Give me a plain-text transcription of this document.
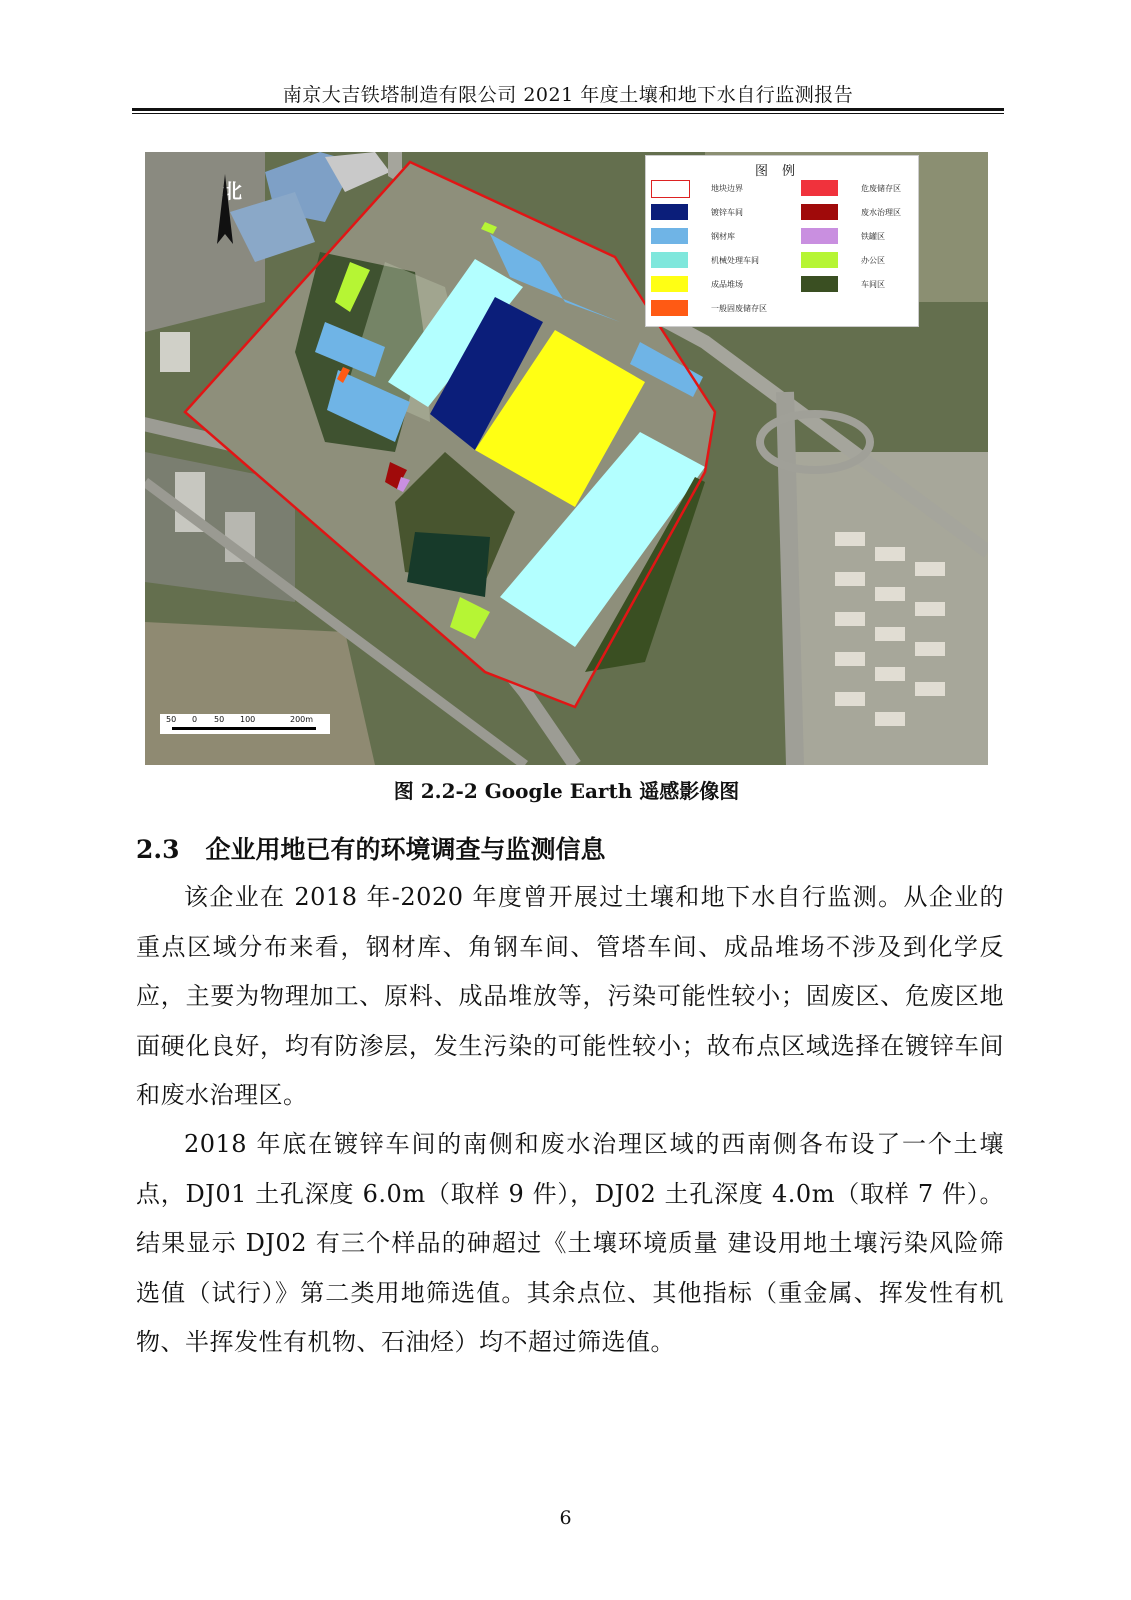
南京大吉铁塔制造有限公司 2021 年度土壤和地下水自行监测报告
北
图例
地块边界	危废储存区
镀锌车间	废水治理区
钢材库	铁罐区
机械处理车间	办公区
成品堆场	车间区
一般固废储存区
50 0 50 100	200m
图 2.2-2 Google Earth 遥感影像图
2.3 企业用地已有的环境调查与监测信息
该企业在 2018 年-2020 年度曾开展过土壤和地下水自行监测。从企业的重点区域分布来看，钢材库、角钢车间、管塔车间、成品堆场不涉及到化学反应，主要为物理加工、原料、成品堆放等，污染可能性较小；固废区、危废区地面硬化良好，均有防渗层，发生污染的可能性较小；故布点区域选择在镀锌车间和废水治理区。
2018 年底在镀锌车间的南侧和废水治理区域的西南侧各布设了一个土壤点，DJ01 土孔深度 6.0m（取样 9 件），DJ02 土孔深度 4.0m（取样 7 件）。结果显示 DJ02 有三个样品的砷超过《土壤环境质量 建设用地土壤污染风险筛选值（试行）》第二类用地筛选值。其余点位、其他指标（重金属、挥发性有机物、半挥发性有机物、石油烃）均不超过筛选值。
6
